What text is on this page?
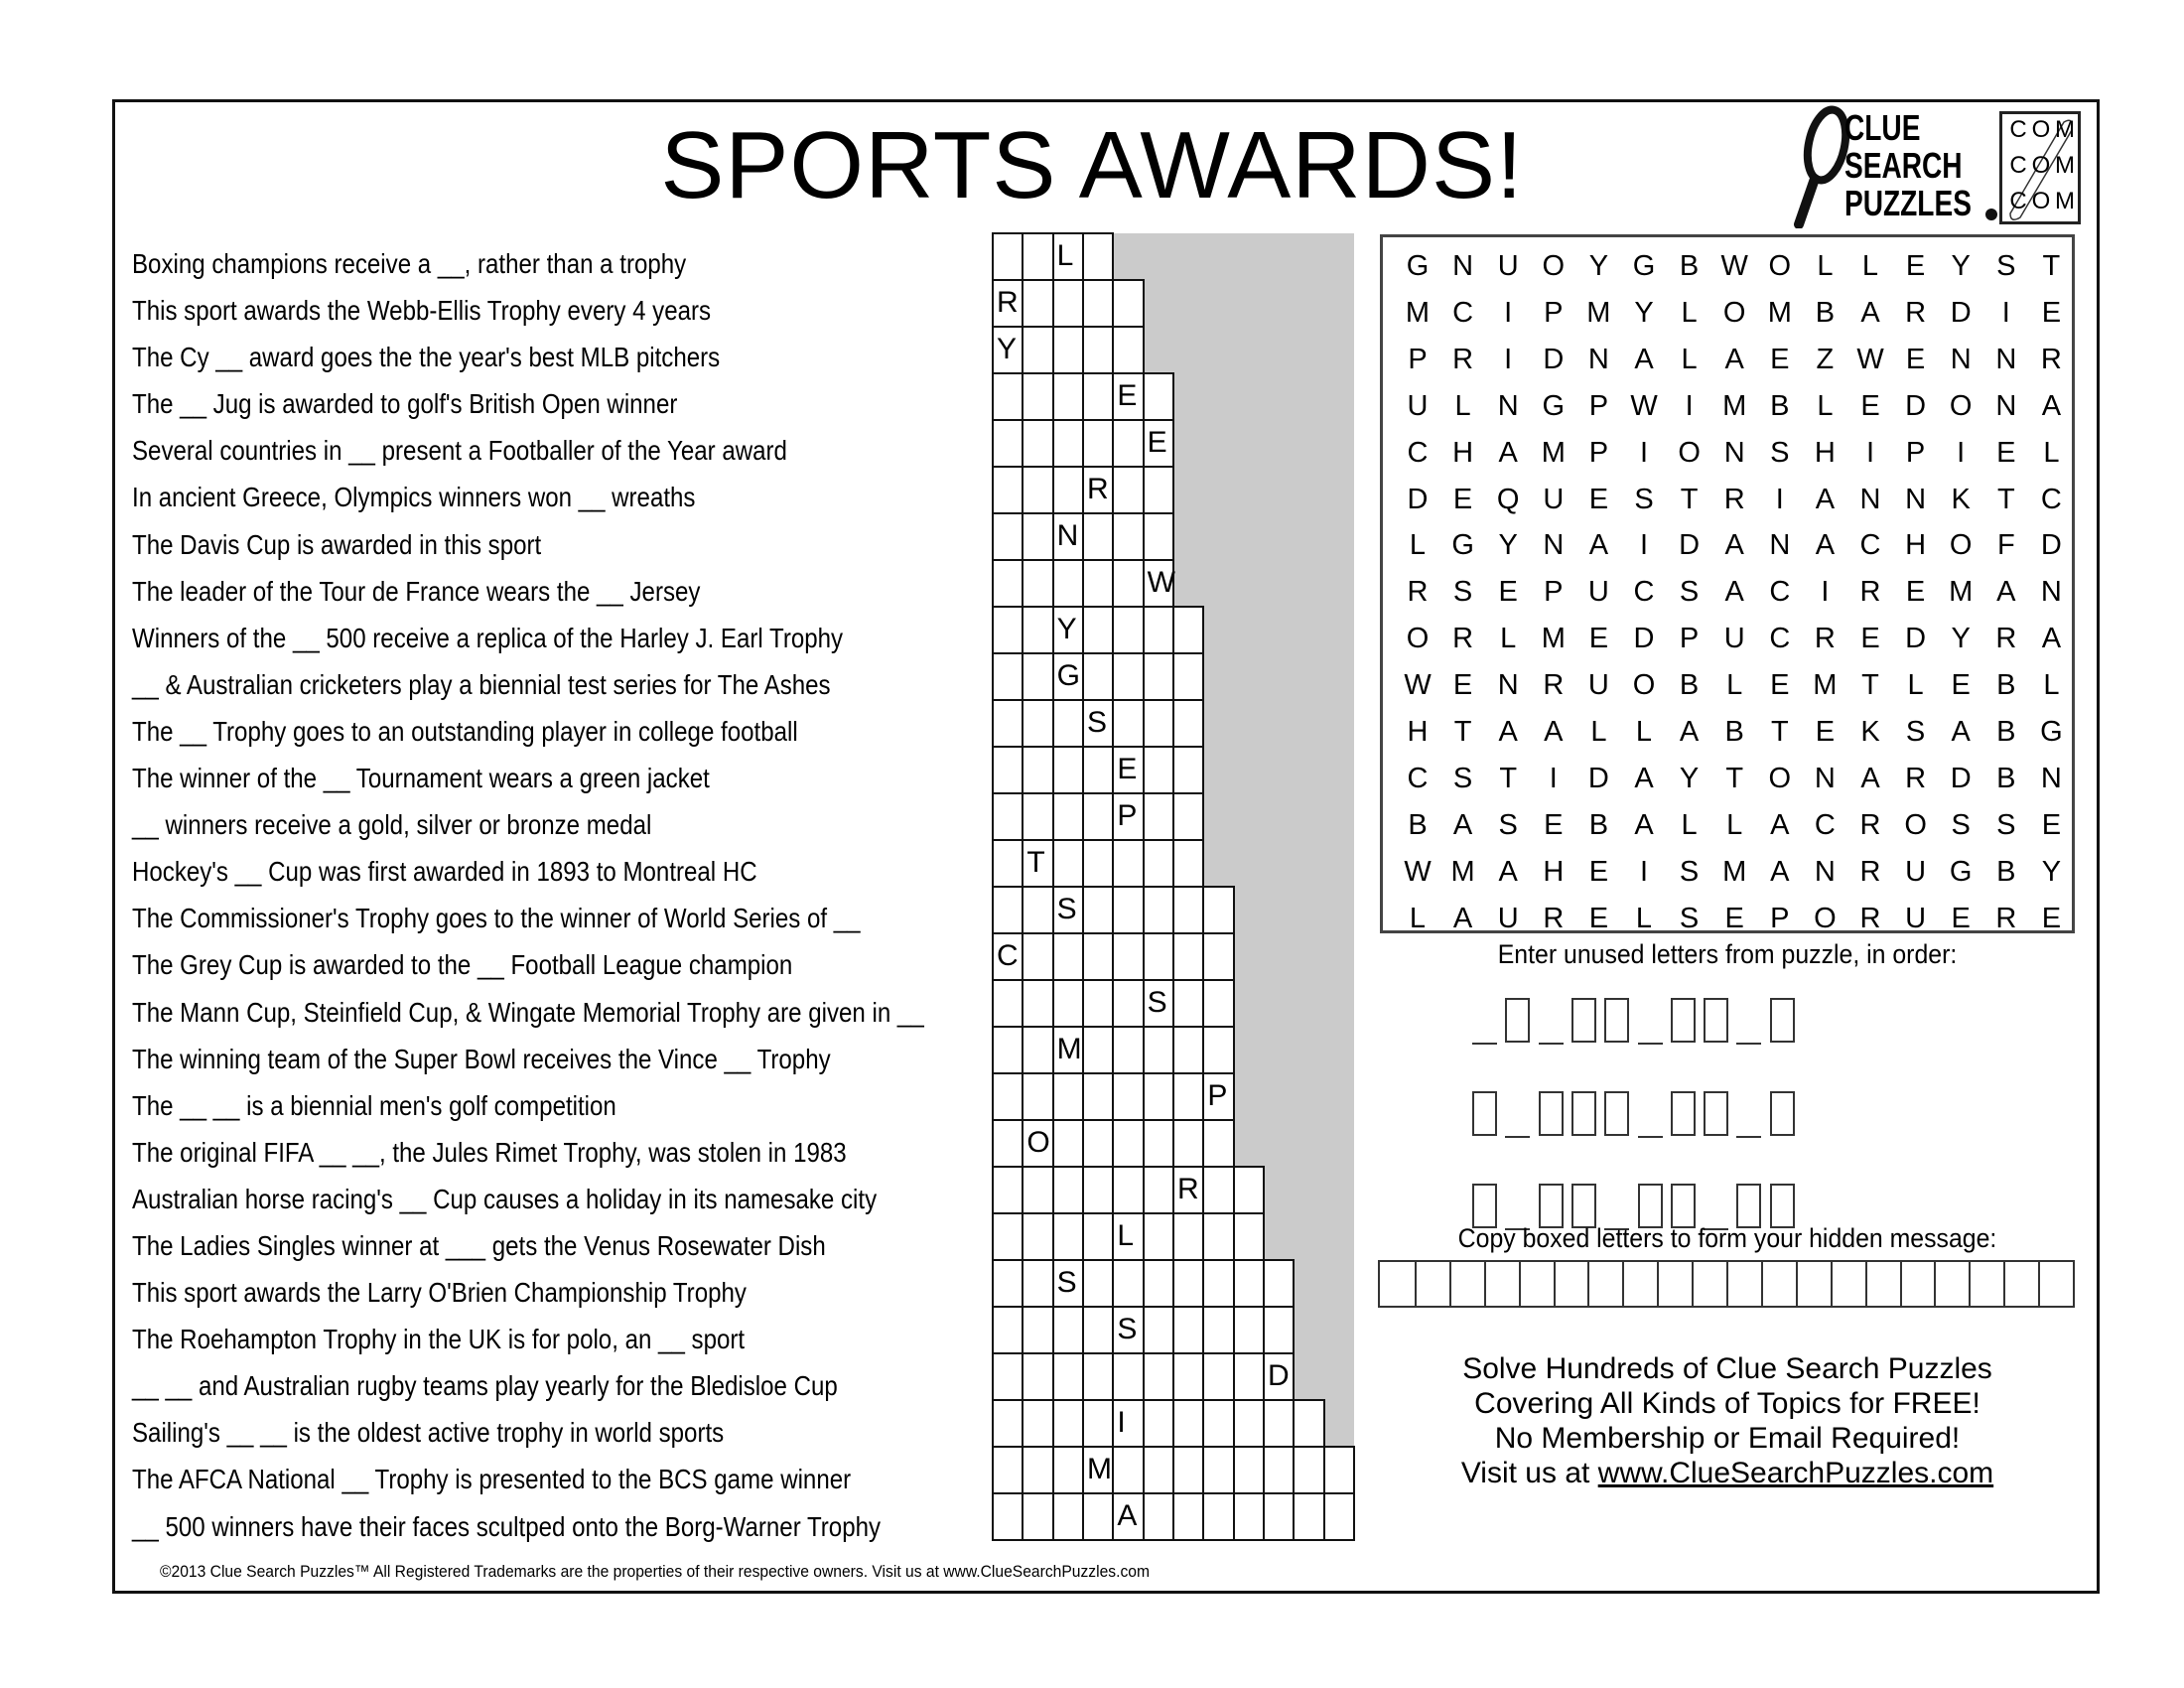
SPORTS AWARDS!	CLUE
SEARCH
PUZZLES
C O M
C O M
C O M
Boxing champions receive a __, rather than a trophy
This sport awards the Webb-Ellis Trophy every 4 years
The Cy __ award goes the the year's best MLB pitchers
The __ Jug is awarded to golf's British Open winner
Several countries in __ present a Footballer of the Year award
In ancient Greece, Olympics winners won __ wreaths
The Davis Cup is awarded in this sport
The leader of the Tour de France wears the __ Jersey
Winners of the __ 500 receive a replica of the Harley J. Earl Trophy
__ & Australian cricketers play a biennial test series for The Ashes
The __ Trophy goes to an outstanding player in college football
The winner of the __ Tournament wears a green jacket
__ winners receive a gold, silver or bronze medal
Hockey's __ Cup was first awarded in 1893 to Montreal HC
The Commissioner's Trophy goes to the winner of World Series of __
The Grey Cup is awarded to the __ Football League champion
The Mann Cup, Steinfield Cup, & Wingate Memorial Trophy are given in __
The winning team of the Super Bowl receives the Vince __ Trophy
The __ __ is a biennial men's golf competition
The original FIFA __ __, the Jules Rimet Trophy, was stolen in 1983
Australian horse racing's __ Cup causes a holiday in its namesake city
The Ladies Singles winner at ___ gets the Venus Rosewater Dish
This sport awards the Larry O'Brien Championship Trophy
The Roehampton Trophy in the UK is for polo, an __ sport
__ __ and Australian rugby teams play yearly for the Bledisloe Cup
Sailing's __ __ is the oldest active trophy in world sports
The AFCA National __ Trophy is presented to the BCS game winner
__ 500 winners have their faces scultped onto the Borg-Warner Trophy
L
R
Y
E
E
R
N
W
Y
G
S
E
P
T
S
C
S
M
P
O
R
L
S
S
D
I
M
A
G N U O Y G B W O L	L E Y S T
M C	I	P M Y L O M B A R D	I	E
P R	I	D N A L A E Z W E N N R
U L N G P W I	M B L E D O N A
C H A M P	I	O N S H	I	P	I	E L
D E Q U E S T R	I	A N N K T C
L G Y N A	I	D A N A C H O F D
R S E P U C S A C	I	R E M A N
O R L M E D P U C R E D Y R A
W E N R U O B L E M T L E B L
H T A A L	L A B T E K S A B G
C S T	I	D A Y T O N A R D B N
B A S E B A L	L A C R O S S E
W M A H E	I	S M A N R U G B Y
L A U R E L S E P O R U E R E
Enter unused letters from puzzle, in order:
Copy boxed letters to form your hidden message:
Solve Hundreds of Clue Search Puzzles
Covering All Kinds of Topics for FREE!
No Membership or Email Required!
Visit us at www.ClueSearchPuzzles.com
©2013 Clue Search Puzzles™ All Registered Trademarks are the properties of their respective owners. Visit us at www.ClueSearchPuzzles.com
